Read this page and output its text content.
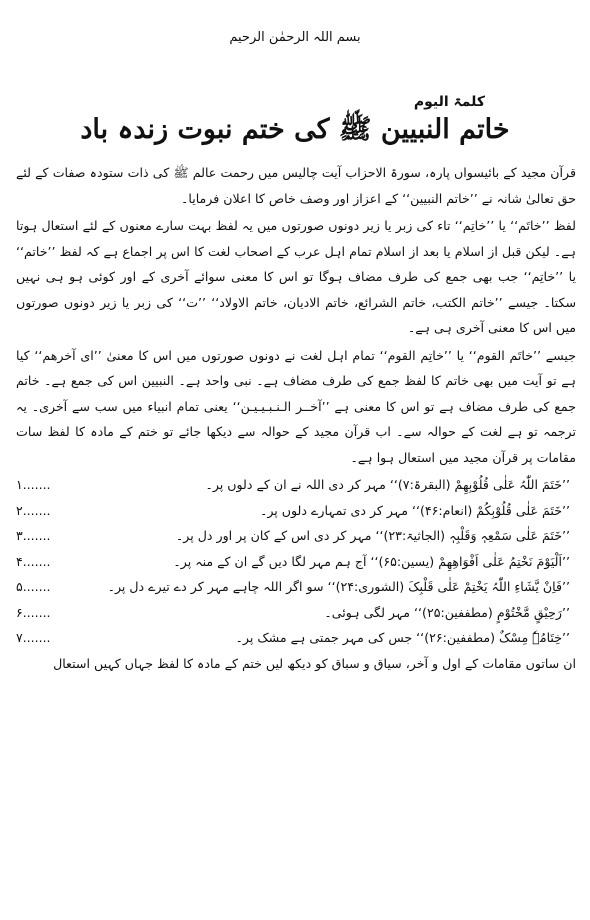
بسم اللہ الرحمٰن الرحیم
کلمۃ الیوم
خاتم النبیین ﷺ کی ختم نبوت زندہ باد

قرآن مجید کے بائیسواں پارہ، سورۃ الاحزاب آیت چالیس میں رحمت عالم ﷺ کی ذات ستودہ صفات کے لئے حق تعالیٰ شانہ نے ’’خاتم النبیین‘‘ کے اعزاز اور وصف خاص کا اعلان فرمایا۔

لفظ ’’خاتَم‘‘ یا ’’خاتِم‘‘ تاء کی زبر یا زیر دونوں صورتوں میں یہ لفظ بہت سارے معنوں کے لئے استعال ہوتا ہے۔ لیکن قبل از اسلام یا بعد از اسلام تمام اہل عرب کے اصحاب لغت کا اس پر اجماع ہے کہ لفظ ’’خاتم‘‘ یا ’’خاتِم‘‘ جب بھی جمع کی طرف مضاف ہوگا تو اس کا معنی سوائے آخری کے اور کوئی ہو ہی نہیں سکتا۔ جیسے ’’خاتم الکتب، خاتم الشرائع، خاتم الادیان، خاتم الاولاد‘‘ ’’ت‘‘ کی زبر یا زیر دونوں صورتوں میں اس کا معنی آخری ہی ہے۔

جیسے ’’خاتَم القوم‘‘ یا ’’خاتِم القوم‘‘ تمام اہل لغت نے دونوں صورتوں میں اس کا معنیٰ ’’ای آخرھم‘‘ کیا ہے تو آیت میں بھی خاتم کا لفظ جمع کی طرف مضاف ہے۔ نبی واحد ہے۔ النبیین اس کی جمع ہے۔ خاتم جمع کی طرف مضاف ہے تو اس کا معنی ہے ’’آخــر الـنـبـیـیـن‘‘ یعنی تمام انبیاء میں سب سے آخری۔ یہ ترجمہ تو ہے لغت کے حوالہ سے۔ اب قرآن مجید کے حوالہ سے دیکھا جائے تو ختم کے مادہ کا لفظ سات مقامات پر قرآن مجید میں استعال ہوا ہے۔

’’خَتَمَ اللّٰہُ عَلٰی قُلُوْبِھِمْ (البقرۃ:۷)‘‘ مہر کر دی اللہ نے ان کے دلوں پر۔
۱.......
’’خَتَمَ عَلٰی قُلُوْبِکُمْ (انعام:۴۶)‘‘ مہر کر دی تمہارے دلوں پر۔
۲.......
’’خَتَمَ عَلٰی سَمْعِہٖ وَقَلْبِہٖ (الجاثیۃ:۲۳)‘‘ مہر کر دی اس کے کان پر اور دل پر۔
۳.......
’’اَلْیَوْمَ نَخْتِمُ عَلٰی اَفْوَاھِھِمْ (یسین:۶۵)‘‘ آج ہم مہر لگا دیں گے ان کے منہ پر۔
۴.......
’’فَاِنْ یَّشَاءِ اللّٰہُ یَخْتِمْ عَلٰی قَلْبِکَ (الشوری:۲۴)‘‘ سو اگر اللہ چاہے مہر کر دے تیرے دل پر۔
۵.......
’’رَحِیْقٍ مَّخْتُوْمٍ (مطففین:۲۵)‘‘ مہر لگی ہوئی۔
۶.......
’’خِتَامُہٗ مِسْکٌ (مطففین:۲۶)‘‘ جس کی مہر جمتی ہے مشک پر۔
۷.......

ان ساتوں مقامات کے اول و آخر، سیاق و سباق کو دیکھ لیں ختم کے مادہ کا لفظ جہاں کہیں استعال
